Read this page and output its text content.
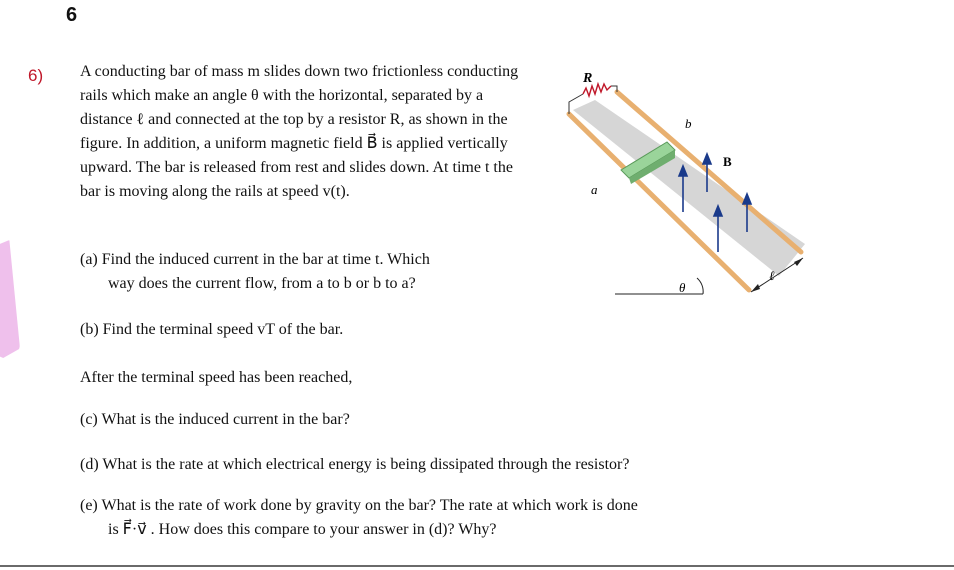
6
6) A conducting bar of mass m slides down two frictionless conducting rails which make an angle θ with the horizontal, separated by a distance ℓ and connected at the top by a resistor R, as shown in the figure. In addition, a uniform magnetic field B⃗ is applied vertically upward. The bar is released from rest and slides down. At time t the bar is moving along the rails at speed v(t).

(a) Find the induced current in the bar at time t. Which
way does the current flow, from a to b or b to a?

(b) Find the terminal speed vT of the bar.

After the terminal speed has been reached,

(c) What is the induced current in the bar?

(d) What is the rate at which electrical energy is being dissipated through the resistor?

(e) What is the rate of work done by gravity on the bar? The rate at which work is done
is F⃗·v⃗ . How does this compare to your answer in (d)? Why?

R
a
b
B⃗
θ
ℓ
